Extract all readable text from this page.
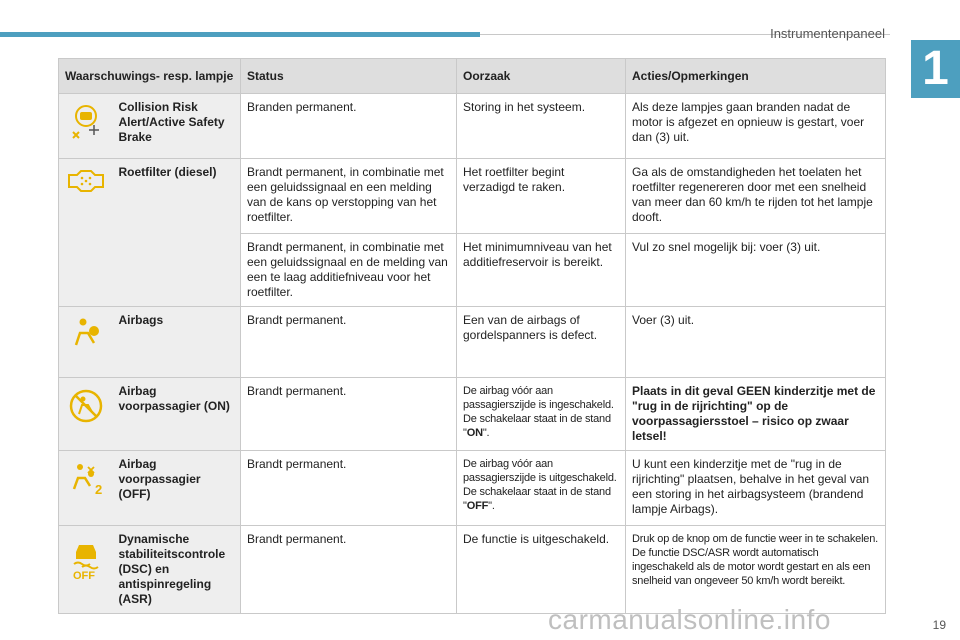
Instrumentenpaneel
1
Waarschuwings- resp. lampje		Status	Oorzaak	Acties/Opmerkingen

	Collision Risk Alert/Active Safety Brake	Branden permanent.	Storing in het systeem.	Als deze lampjes gaan branden nadat de motor is afgezet en opnieuw is gestart, voer dan (3) uit.

	Roetfilter (diesel)	Brandt permanent, in combinatie met een geluidssignaal en een melding van de kans op verstopping van het roetfilter.	Het roetfilter begint verzadigd te raken.	Ga als de omstandigheden het toelaten het roetfilter regenereren door met een snelheid van meer dan 60 km/h te rijden tot het lampje dooft.
		Brandt permanent, in combinatie met een geluidssignaal en de melding van een te laag additiefniveau voor het roetfilter.	Het minimumniveau van het additiefreservoir is bereikt.	Vul zo snel mogelijk bij: voer (3) uit.

	Airbags	Brandt permanent.	Een van de airbags of gordelspanners is defect.	Voer (3) uit.

	Airbag voorpassagier (ON)	Brandt permanent.	De airbag vóór aan passagierszijde is ingeschakeld. De schakelaar staat in de stand "ON".	Plaats in dit geval GEEN kinderzitje met de "rug in de rijrichting" op de voorpassagiersstoel – risico op zwaar letsel!

2	Airbag voorpassagier (OFF)	Brandt permanent.	De airbag vóór aan passagierszijde is uitgeschakeld. De schakelaar staat in de stand "OFF".	U kunt een kinderzitje met de "rug in de rijrichting" plaatsen, behalve in het geval van een storing in het airbagsysteem (brandend lampje Airbags).

OFF	Dynamische stabiliteitscontrole (DSC) en antispinregeling (ASR)	Brandt permanent.	De functie is uitgeschakeld.	Druk op de knop om de functie weer in te schakelen. De functie DSC/ASR wordt automatisch ingeschakeld als de motor wordt gestart en als een snelheid van ongeveer 50 km/h wordt bereikt.
carmanualsonline.info	19
